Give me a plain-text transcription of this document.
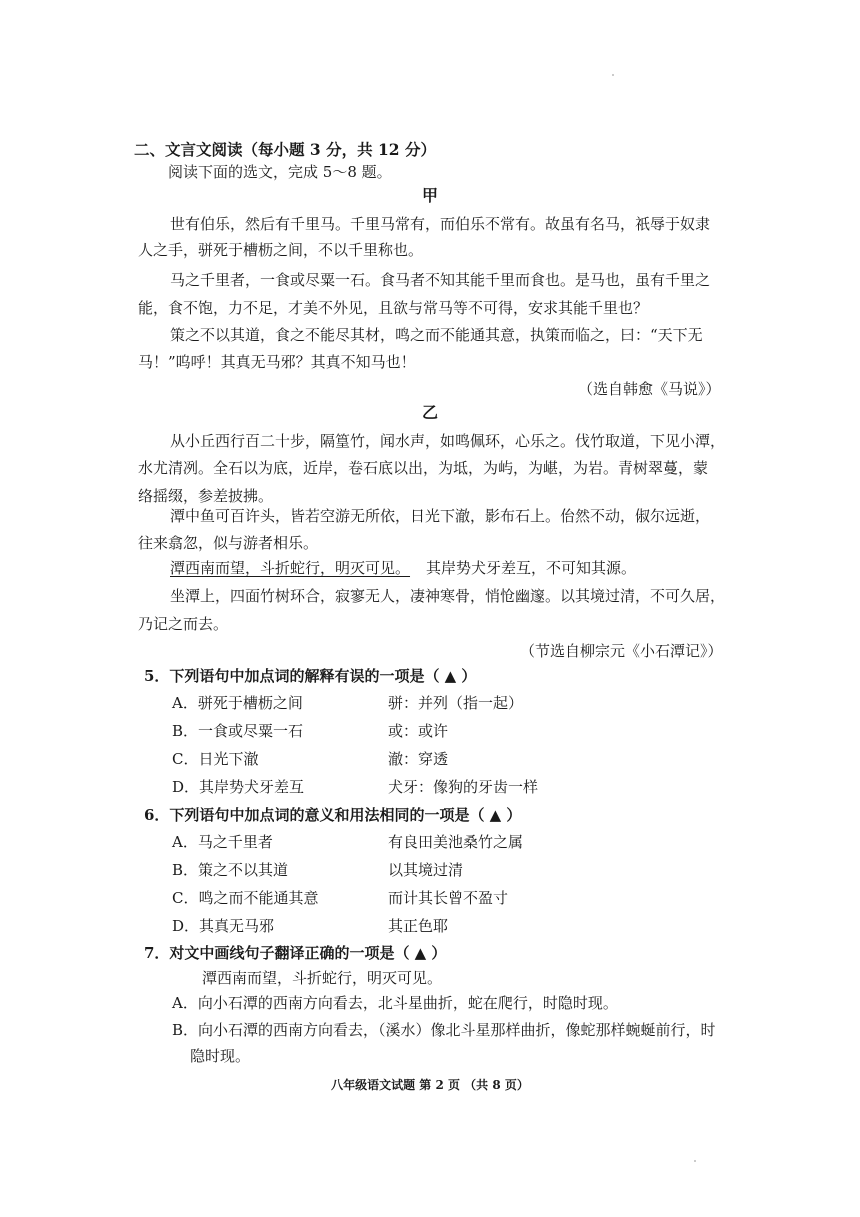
二、文言文阅读（每小题 3 分，共 12 分）
阅读下面的选文，完成 5～8 题。
甲
世有伯乐，然后有千里马。千里马常有，而伯乐不常有。故虽有名马，祇辱于奴隶
人之手，骈死于槽枥之间，不以千里称也。
马之千里者，一食或尽粟一石。食马者不知其能千里而食也。是马也，虽有千里之
能，食不饱，力不足，才美不外见，且欲与常马等不可得，安求其能千里也？
策之不以其道，食之不能尽其材，鸣之而不能通其意，执策而临之，曰：“天下无
马！”呜呼！其真无马邪？其真不知马也！
（选自韩愈《马说》）
乙
从小丘西行百二十步，隔篁竹，闻水声，如鸣佩环，心乐之。伐竹取道，下见小潭，
水尤清冽。全石以为底，近岸，卷石底以出，为坻，为屿，为嵁，为岩。青树翠蔓，蒙
络摇缀，参差披拂。
潭中鱼可百许头，皆若空游无所依，日光下澈，影布石上。佁然不动，俶尔远逝，
往来翕忽，似与游者相乐。
潭西南而望，斗折蛇行，明灭可见。 其岸势犬牙差互，不可知其源。
坐潭上，四面竹树环合，寂寥无人，凄神寒骨，悄怆幽邃。以其境过清，不可久居，
乃记之而去。
（节选自柳宗元《小石潭记》）
5．下列语句中加点词的解释有误的一项是（ ▲ ）
A．骈死于槽枥之间	骈：并列（指一起）
B．一食或尽粟一石	或：或许
C．日光下澈	澈：穿透
D．其岸势犬牙差互	犬牙：像狗的牙齿一样
6．下列语句中加点词的意义和用法相同的一项是（ ▲ ）
A．马之千里者	有良田美池桑竹之属
B．策之不以其道	以其境过清
C．鸣之而不能通其意	而计其长曾不盈寸
D．其真无马邪	其正色耶
7．对文中画线句子翻译正确的一项是（ ▲ ）
潭西南而望，斗折蛇行，明灭可见。
A．向小石潭的西南方向看去，北斗星曲折，蛇在爬行，时隐时现。
B．向小石潭的西南方向看去，（溪水）像北斗星那样曲折，像蛇那样蜿蜒前行，时
隐时现。
八年级语文试题 第 2 页 （共 8 页）
